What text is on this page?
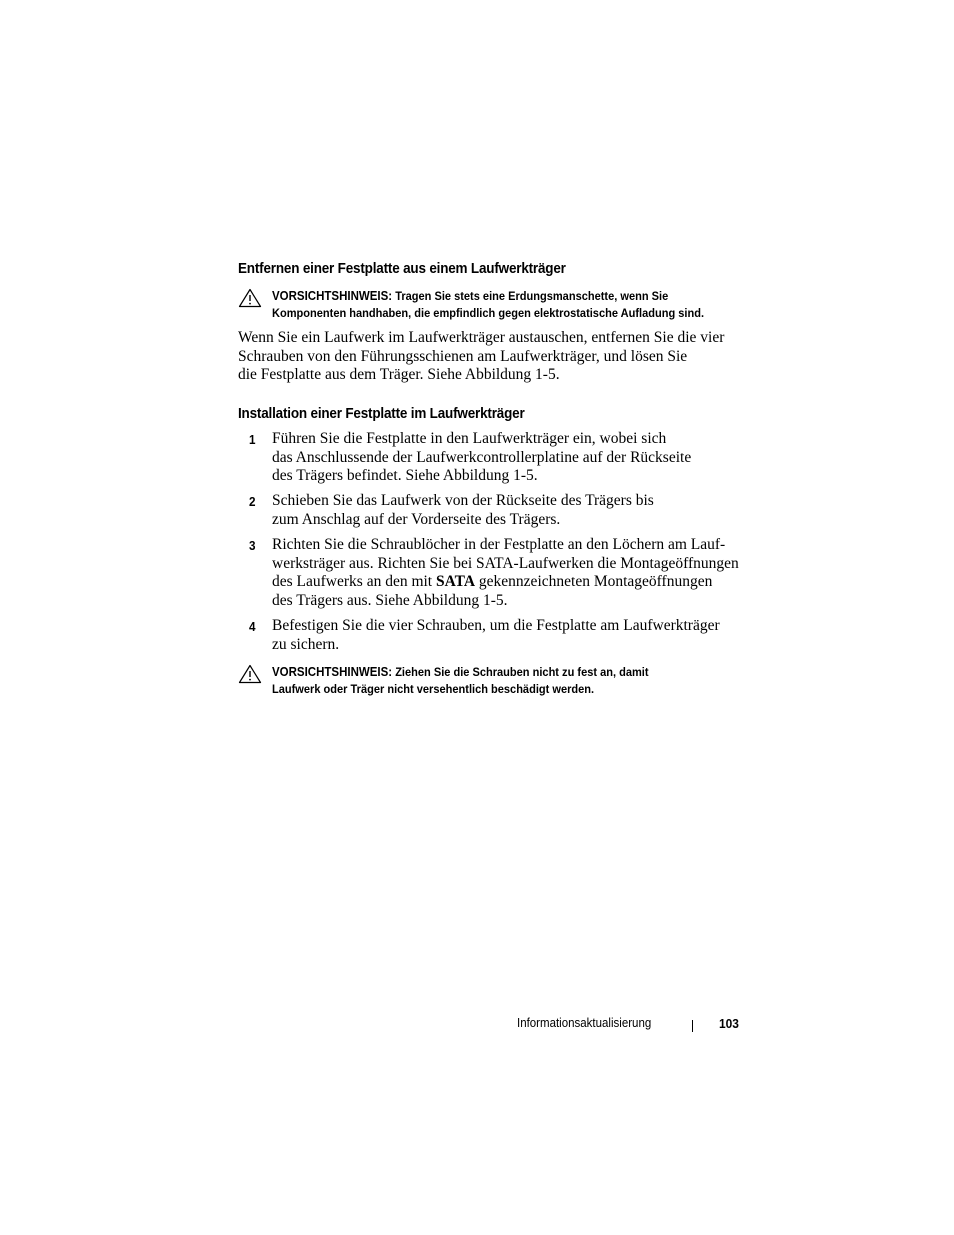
Entfernen einer Festplatte aus einem Laufwerkträger
VORSICHTSHINWEIS: Tragen Sie stets eine Erdungsmanschette, wenn Sie
Komponenten handhaben, die empfindlich gegen elektrostatische Aufladung sind.
Wenn Sie ein Laufwerk im Laufwerkträger austauschen, entfernen Sie die vier
Schrauben von den Führungsschienen am Laufwerkträger, und lösen Sie
die Festplatte aus dem Träger. Siehe Abbildung 1-5.
Installation einer Festplatte im Laufwerkträger
1 Führen Sie die Festplatte in den Laufwerkträger ein, wobei sich
das Anschlussende der Laufwerkcontrollerplatine auf der Rückseite
des Trägers befindet. Siehe Abbildung 1-5.
2 Schieben Sie das Laufwerk von der Rückseite des Trägers bis
zum Anschlag auf der Vorderseite des Trägers.
3 Richten Sie die Schraublöcher in der Festplatte an den Löchern am Lauf-
werksträger aus. Richten Sie bei SATA-Laufwerken die Montageöffnungen
des Laufwerks an den mit SATA gekennzeichneten Montageöffnungen
des Trägers aus. Siehe Abbildung 1-5.
4 Befestigen Sie die vier Schrauben, um die Festplatte am Laufwerkträger
zu sichern.
VORSICHTSHINWEIS: Ziehen Sie die Schrauben nicht zu fest an, damit
Laufwerk oder Träger nicht versehentlich beschädigt werden.
Informationsaktualisierung	103
